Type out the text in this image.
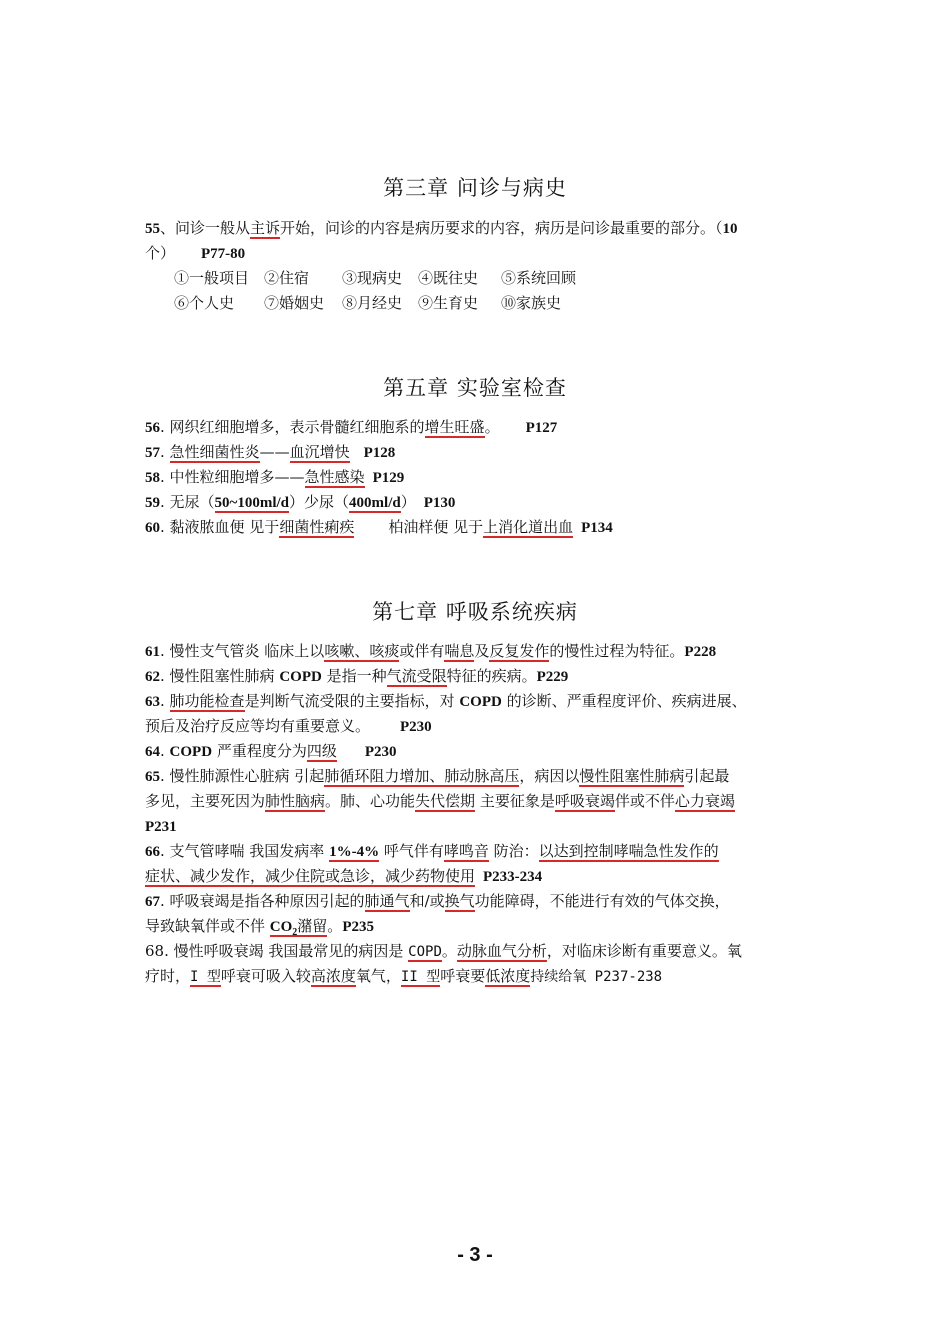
第三章 问诊与病史
55、问诊一般从主诉开始，问诊的内容是病历要求的内容，病历是问诊最重要的部分。（10
个） P77-80
①一般项目 ②住宿 ③现病史 ④既往史 ⑤系统回顾
⑥个人史 ⑦婚姻史 ⑧月经史 ⑨生育史 ⑩家族史
第五章 实验室检查
56. 网织红细胞增多，表示骨髓红细胞系的增生旺盛。 P127
57. 急性细菌性炎——血沉增快 P128
58. 中性粒细胞增多——急性感染 P129
59. 无尿（50~100ml/d）少尿（400ml/d） P130
60. 黏液脓血便 见于细菌性痢疾 柏油样便 见于上消化道出血 P134
第七章 呼吸系统疾病
61. 慢性支气管炎 临床上以咳嗽、咳痰或伴有喘息及反复发作的慢性过程为特征。P228
62. 慢性阻塞性肺病 COPD 是指一种气流受限特征的疾病。P229
63. 肺功能检查是判断气流受限的主要指标，对 COPD 的诊断、严重程度评价、疾病进展、
预后及治疗反应等均有重要意义。 P230
64. COPD 严重程度分为四级 P230
65. 慢性肺源性心脏病 引起肺循环阻力增加、肺动脉高压，病因以慢性阻塞性肺病引起最
多见，主要死因为肺性脑病。肺、心功能失代偿期 主要征象是呼吸衰竭伴或不伴心力衰竭
P231
66. 支气管哮喘 我国发病率 1%-4% 呼气伴有哮鸣音 防治：以达到控制哮喘急性发作的
症状、减少发作，减少住院或急诊，减少药物使用 P233-234
67. 呼吸衰竭是指各种原因引起的肺通气和/或换气功能障碍，不能进行有效的气体交换，
导致缺氧伴或不伴 $CO_2$潴留。P235
68. 慢性呼吸衰竭 我国最常见的病因是 COPD。动脉血气分析，对临床诊断有重要意义。氧
疗时，I 型呼衰可吸入较高浓度氧气，II 型呼衰要低浓度持续给氧 P237-238
- 3 -
